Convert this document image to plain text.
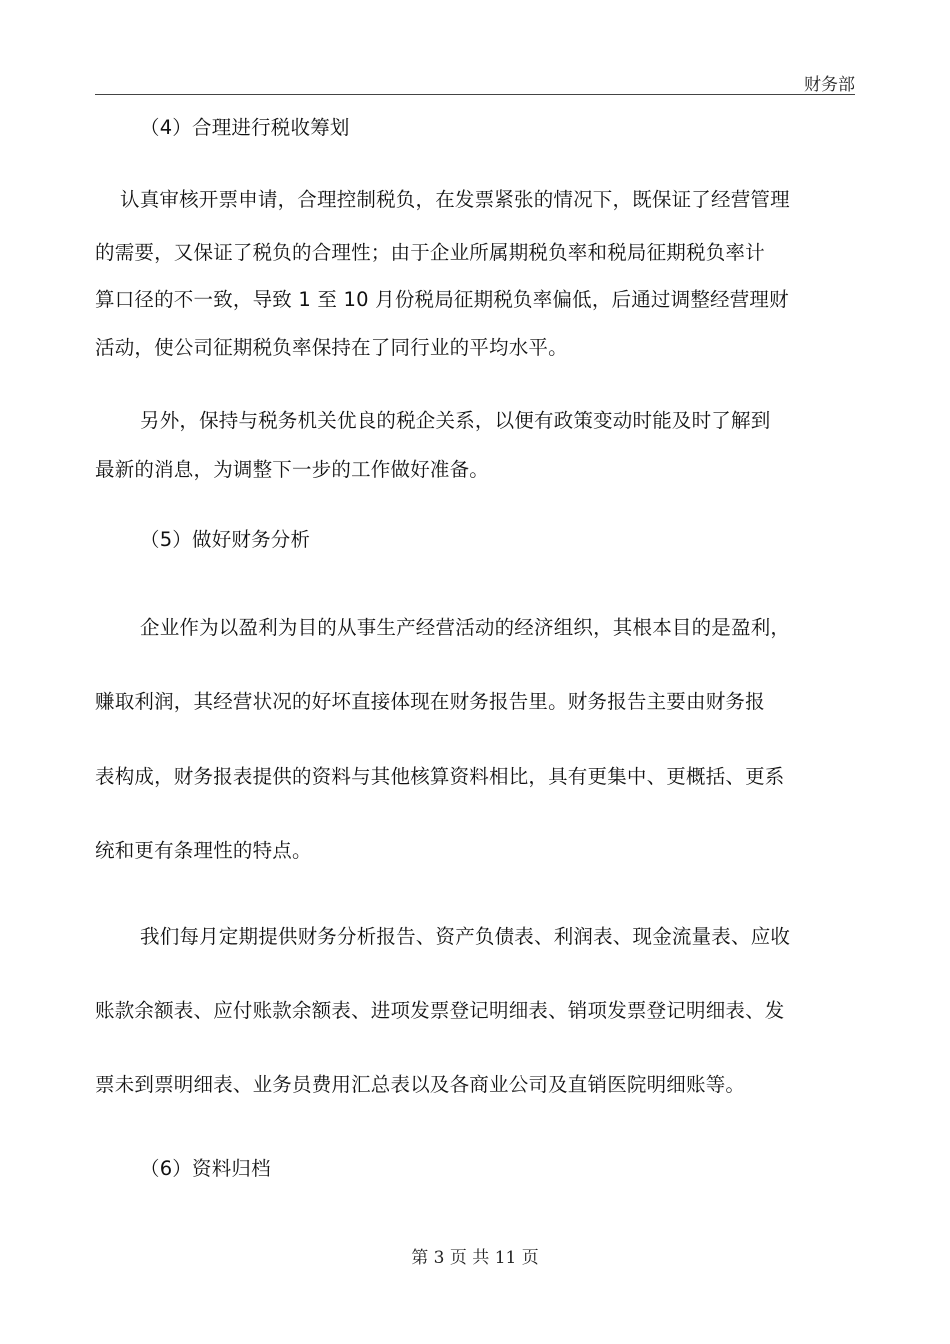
财务部
（4）合理进行税收筹划
认真审核开票申请，合理控制税负，在发票紧张的情况下，既保证了经营管理
的需要，又保证了税负的合理性；由于企业所属期税负率和税局征期税负率计
算口径的不一致，导致 1 至 10 月份税局征期税负率偏低，后通过调整经营理财
活动，使公司征期税负率保持在了同行业的平均水平。
另外，保持与税务机关优良的税企关系，以便有政策变动时能及时了解到
最新的消息，为调整下一步的工作做好准备。
（5）做好财务分析
企业作为以盈利为目的从事生产经营活动的经济组织，其根本目的是盈利，
赚取利润，其经营状况的好坏直接体现在财务报告里。财务报告主要由财务报
表构成，财务报表提供的资料与其他核算资料相比，具有更集中、更概括、更系
统和更有条理性的特点。
我们每月定期提供财务分析报告、资产负债表、利润表、现金流量表、应收
账款余额表、应付账款余额表、进项发票登记明细表、销项发票登记明细表、发
票未到票明细表、业务员费用汇总表以及各商业公司及直销医院明细账等。
（6）资料归档
第 3 页 共 11 页
